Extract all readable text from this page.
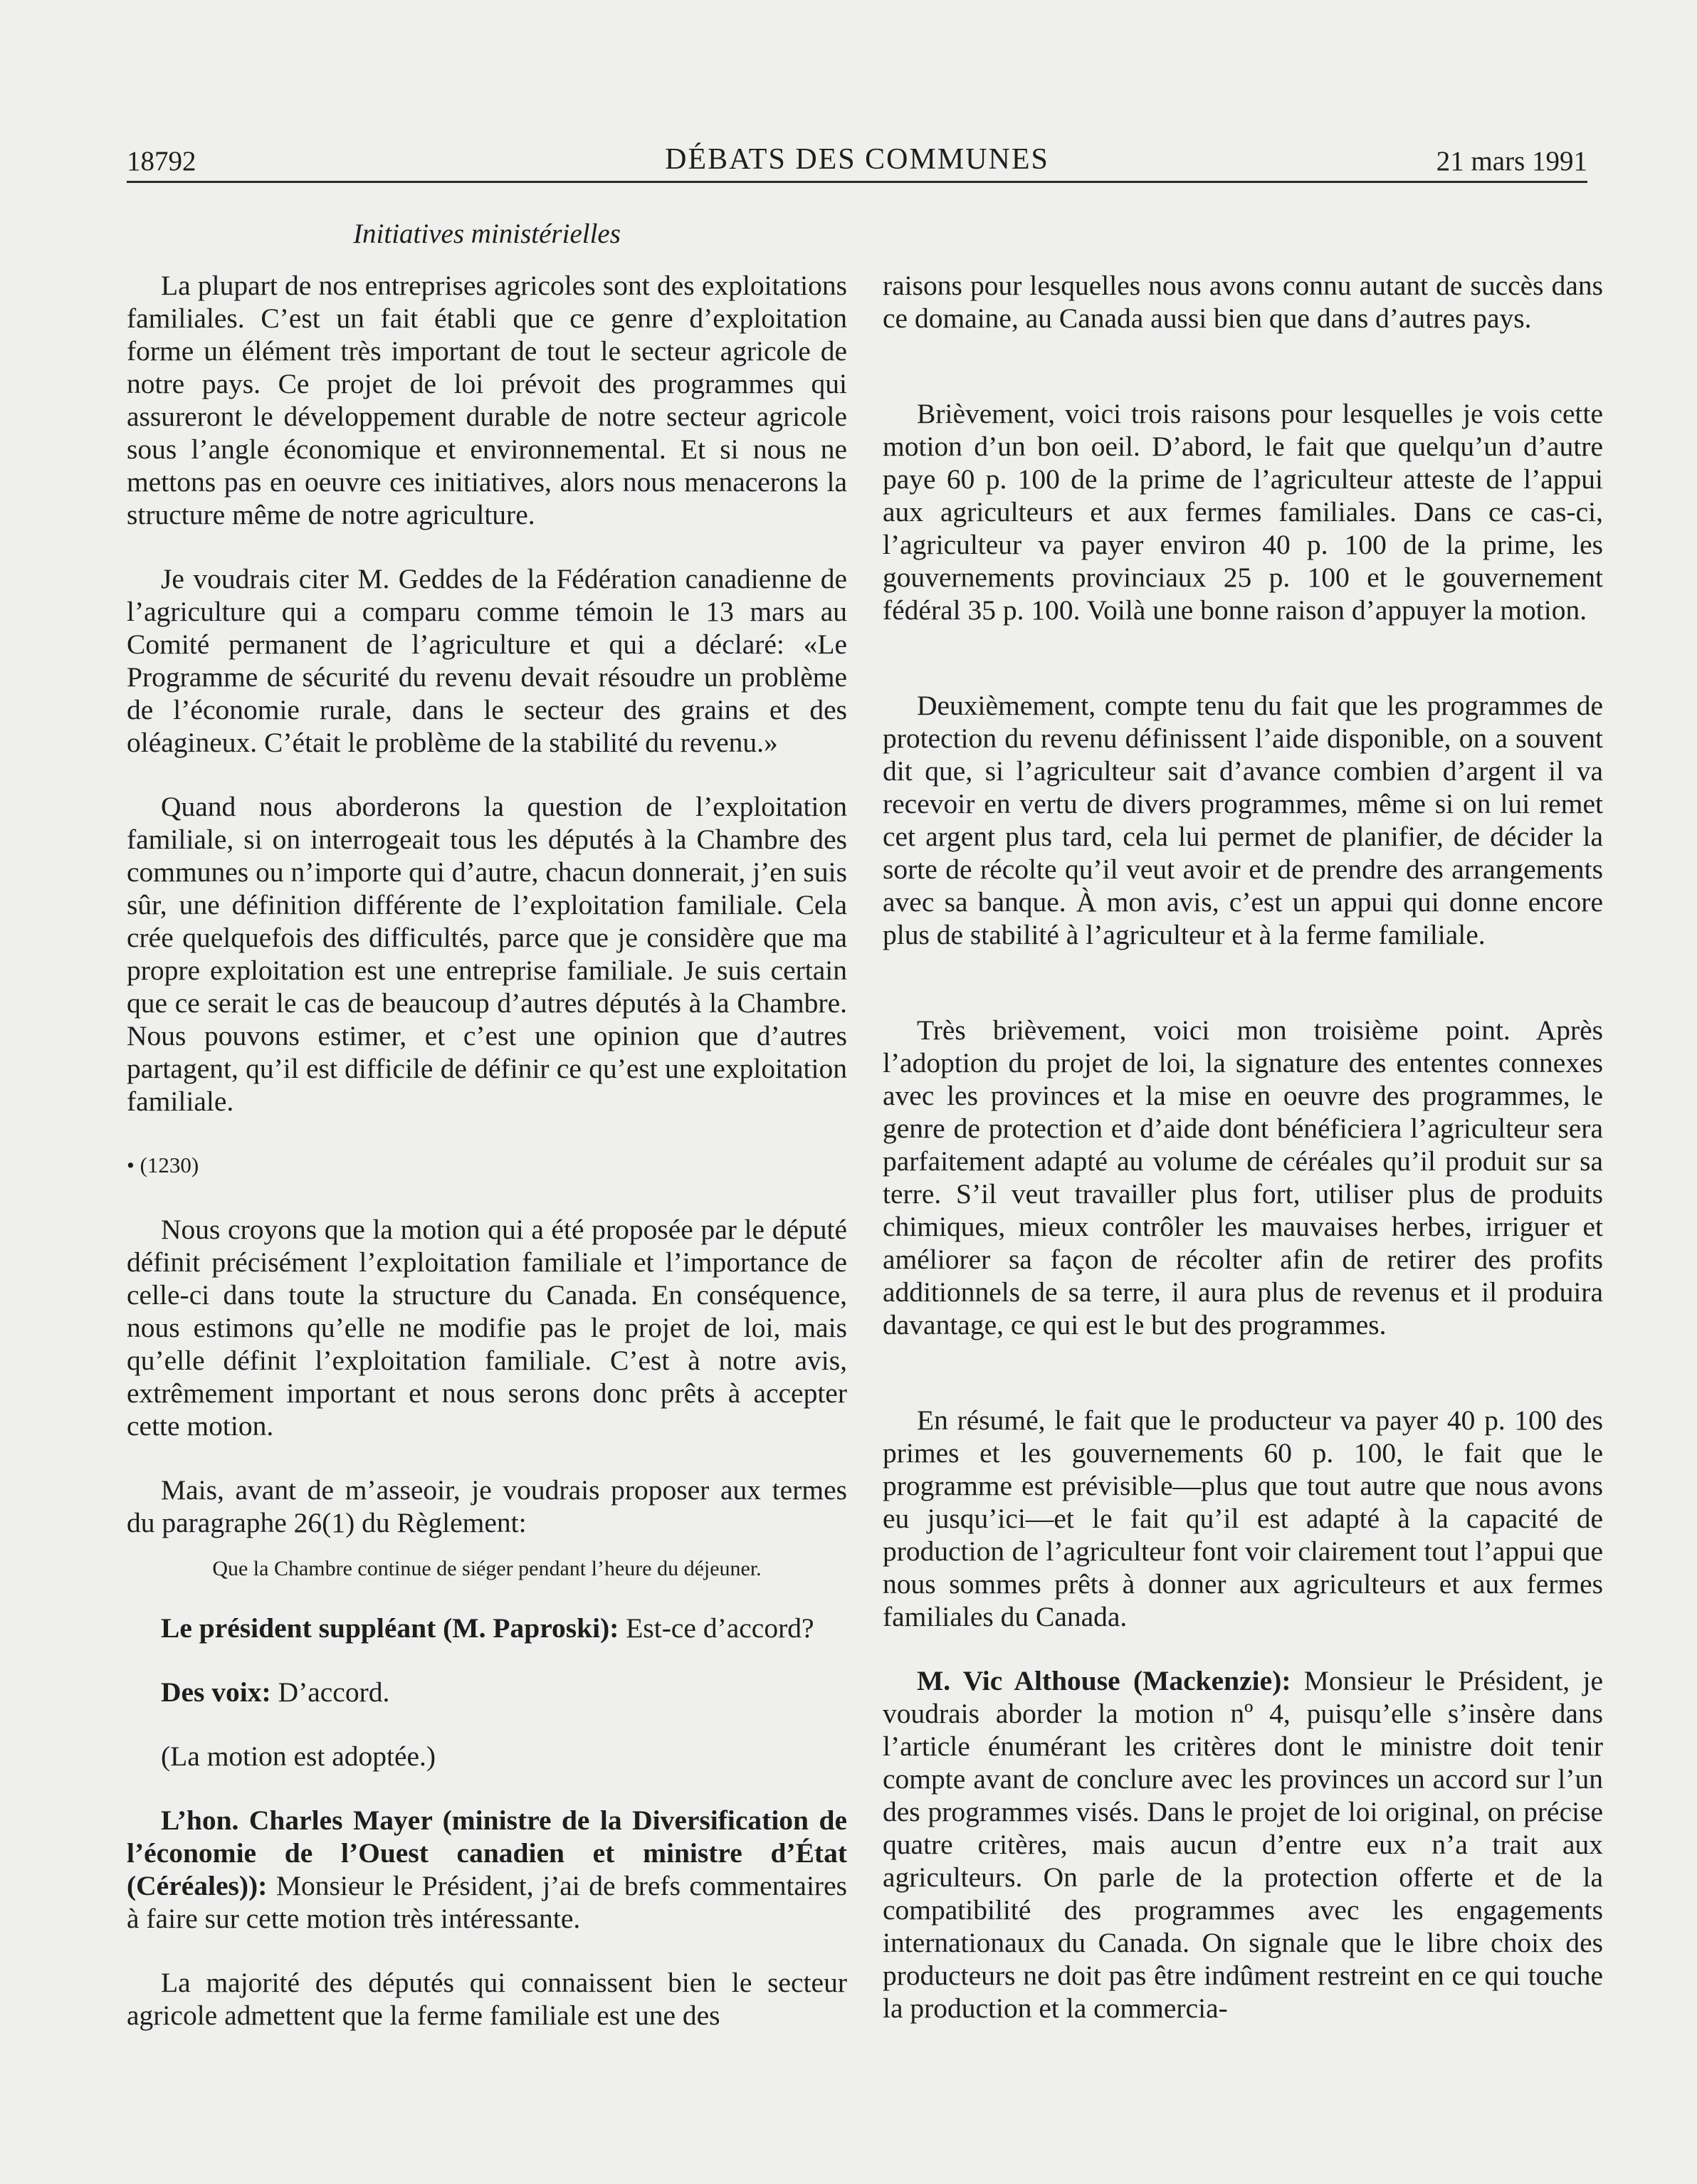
18792	DÉBATS DES COMMUNES	21 mars 1991
Initiatives ministérielles

La plupart de nos entreprises agricoles sont des exploitations familiales. C’est un fait établi que ce genre d’exploitation forme un élément très important de tout le secteur agricole de notre pays. Ce projet de loi prévoit des programmes qui assureront le développement durable de notre secteur agricole sous l’angle économique et environnemental. Et si nous ne mettons pas en oeuvre ces initiatives, alors nous menacerons la structure même de notre agriculture.

Je voudrais citer M. Geddes de la Fédération canadienne de l’agriculture qui a comparu comme témoin le 13 mars au Comité permanent de l’agriculture et qui a déclaré: «Le Programme de sécurité du revenu devait résoudre un problème de l’économie rurale, dans le secteur des grains et des oléagineux. C’était le problème de la stabilité du revenu.»

Quand nous aborderons la question de l’exploitation familiale, si on interrogeait tous les députés à la Chambre des communes ou n’importe qui d’autre, chacun donnerait, j’en suis sûr, une définition différente de l’exploitation familiale. Cela crée quelquefois des difficultés, parce que je considère que ma propre exploitation est une entreprise familiale. Je suis certain que ce serait le cas de beaucoup d’autres députés à la Chambre. Nous pouvons estimer, et c’est une opinion que d’autres partagent, qu’il est difficile de définir ce qu’est une exploitation familiale.

• (1230)

Nous croyons que la motion qui a été proposée par le député définit précisément l’exploitation familiale et l’importance de celle-ci dans toute la structure du Canada. En conséquence, nous estimons qu’elle ne modifie pas le projet de loi, mais qu’elle définit l’exploitation familiale. C’est à notre avis, extrêmement important et nous serons donc prêts à accepter cette motion.

Mais, avant de m’asseoir, je voudrais proposer aux termes du paragraphe 26(1) du Règlement:

Que la Chambre continue de siéger pendant l’heure du déjeuner.

Le président suppléant (M. Paproski): Est-ce d’accord?

Des voix: D’accord.

(La motion est adoptée.)

L’hon. Charles Mayer (ministre de la Diversification de l’économie de l’Ouest canadien et ministre d’État (Céréales)): Monsieur le Président, j’ai de brefs commentaires à faire sur cette motion très intéressante.

La majorité des députés qui connaissent bien le secteur agricole admettent que la ferme familiale est une des

raisons pour lesquelles nous avons connu autant de succès dans ce domaine, au Canada aussi bien que dans d’autres pays.

Brièvement, voici trois raisons pour lesquelles je vois cette motion d’un bon oeil. D’abord, le fait que quelqu’un d’autre paye 60 p. 100 de la prime de l’agriculteur atteste de l’appui aux agriculteurs et aux fermes familiales. Dans ce cas-ci, l’agriculteur va payer environ 40 p. 100 de la prime, les gouvernements provinciaux 25 p. 100 et le gouvernement fédéral 35 p. 100. Voilà une bonne raison d’appuyer la motion.

Deuxièmement, compte tenu du fait que les programmes de protection du revenu définissent l’aide disponible, on a souvent dit que, si l’agriculteur sait d’avance combien d’argent il va recevoir en vertu de divers programmes, même si on lui remet cet argent plus tard, cela lui permet de planifier, de décider la sorte de récolte qu’il veut avoir et de prendre des arrangements avec sa banque. À mon avis, c’est un appui qui donne encore plus de stabilité à l’agriculteur et à la ferme familiale.

Très brièvement, voici mon troisième point. Après l’adoption du projet de loi, la signature des ententes connexes avec les provinces et la mise en oeuvre des programmes, le genre de protection et d’aide dont bénéficiera l’agriculteur sera parfaitement adapté au volume de céréales qu’il produit sur sa terre. S’il veut travailler plus fort, utiliser plus de produits chimiques, mieux contrôler les mauvaises herbes, irriguer et améliorer sa façon de récolter afin de retirer des profits additionnels de sa terre, il aura plus de revenus et il produira davantage, ce qui est le but des programmes.

En résumé, le fait que le producteur va payer 40 p. 100 des primes et les gouvernements 60 p. 100, le fait que le programme est prévisible—plus que tout autre que nous avons eu jusqu’ici—et le fait qu’il est adapté à la capacité de production de l’agriculteur font voir clairement tout l’appui que nous sommes prêts à donner aux agriculteurs et aux fermes familiales du Canada.

M. Vic Althouse (Mackenzie): Monsieur le Président, je voudrais aborder la motion nº 4, puisqu’elle s’insère dans l’article énumérant les critères dont le ministre doit tenir compte avant de conclure avec les provinces un accord sur l’un des programmes visés. Dans le projet de loi original, on précise quatre critères, mais aucun d’entre eux n’a trait aux agriculteurs. On parle de la protection offerte et de la compatibilité des programmes avec les engagements internationaux du Canada. On signale que le libre choix des producteurs ne doit pas être indûment restreint en ce qui touche la production et la commercia-
